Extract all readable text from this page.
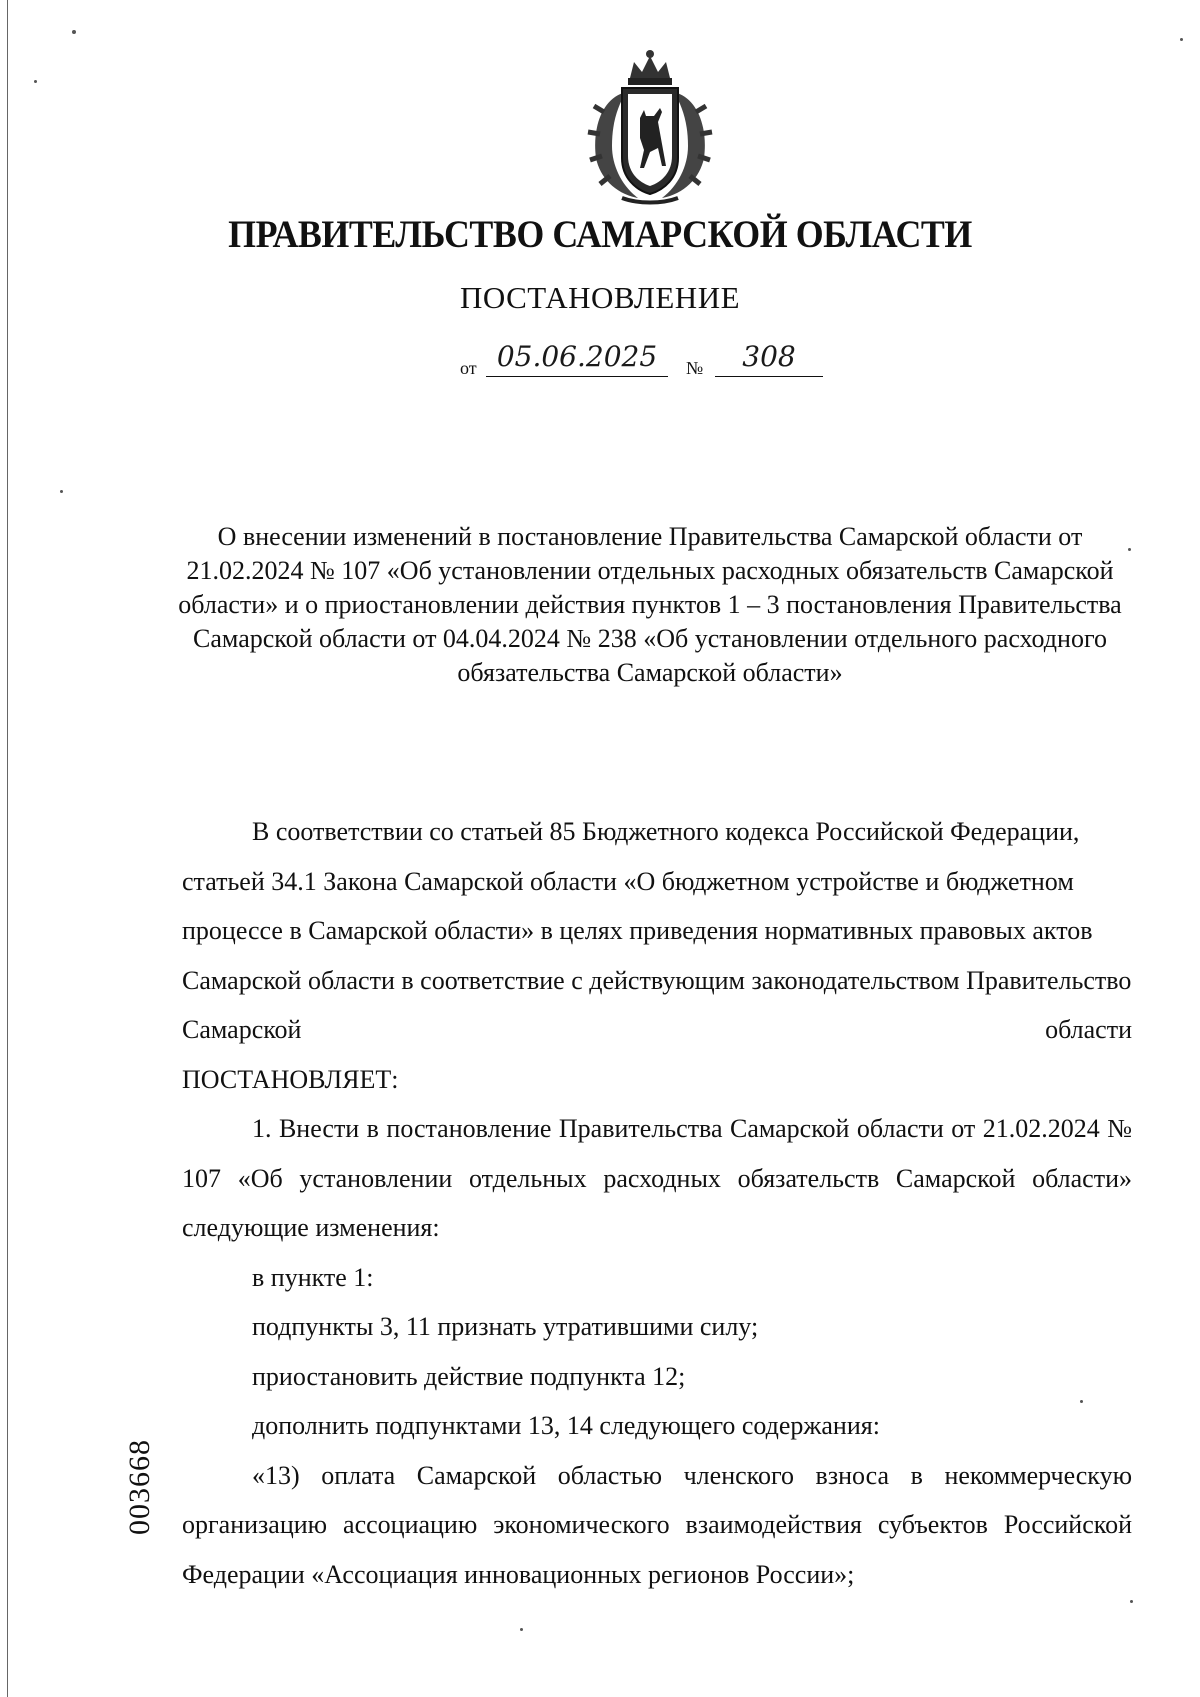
ПРАВИТЕЛЬСТВО САМАРСКОЙ ОБЛАСТИ
ПОСТАНОВЛЕНИЕ
от 05.06.2025	№	308
О внесении изменений в постановление Правительства Самарской области от 21.02.2024 № 107 «Об установлении отдельных расходных обязательств Самарской области» и о приостановлении действия пунктов 1 – 3 постановления Правительства Самарской области от 04.04.2024 № 238 «Об установлении отдельного расходного обязательства Самарской области»

В соответствии со статьей 85 Бюджетного кодекса Российской Федерации, статьей 34.1 Закона Самарской области «О бюджетном устройстве и бюджетном процессе в Самарской области» в целях приведения нормативных правовых актов Самарской области в соответствие с действующим законодательством Правительство Самарской области

ПОСТАНОВЛЯЕТ:

1. Внести в постановление Правительства Самарской области от 21.02.2024 № 107 «Об установлении отдельных расходных обязательств Самарской области» следующие изменения:

в пункте 1:

подпункты 3, 11 признать утратившими силу;

приостановить действие подпункта 12;

дополнить подпунктами 13, 14 следующего содержания:

«13) оплата Самарской областью членского взноса в некоммерческую организацию ассоциацию экономического взаимодействия субъектов Российской Федерации «Ассоциация инновационных регионов России»;

003668
